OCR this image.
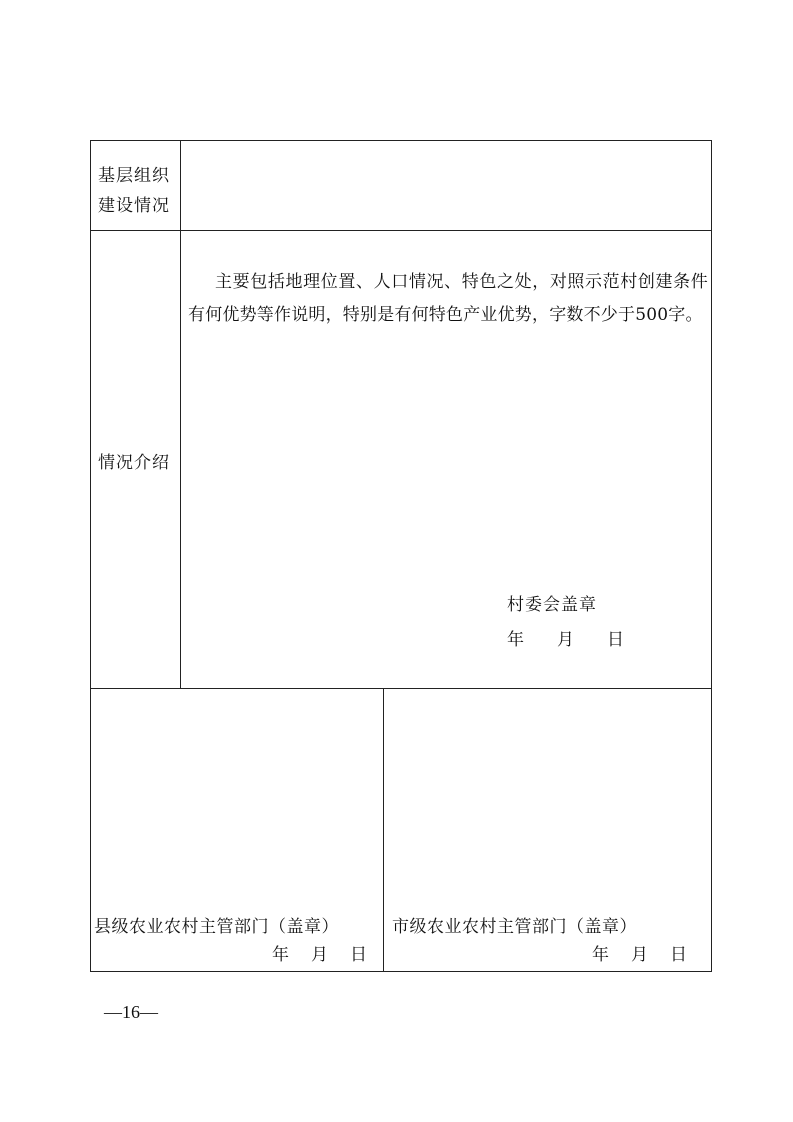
基层组织
建设情况
情况介绍
主要包括地理位置、人口情况、特色之处，对照示范村创建条件有何优势等作说明，特别是有何特色产业优势，字数不少于500字。
村委会盖章
年 月 日
县级农业农村主管部门（盖章）
年 月 日
市级农业农村主管部门（盖章）
年 月 日
—16—
